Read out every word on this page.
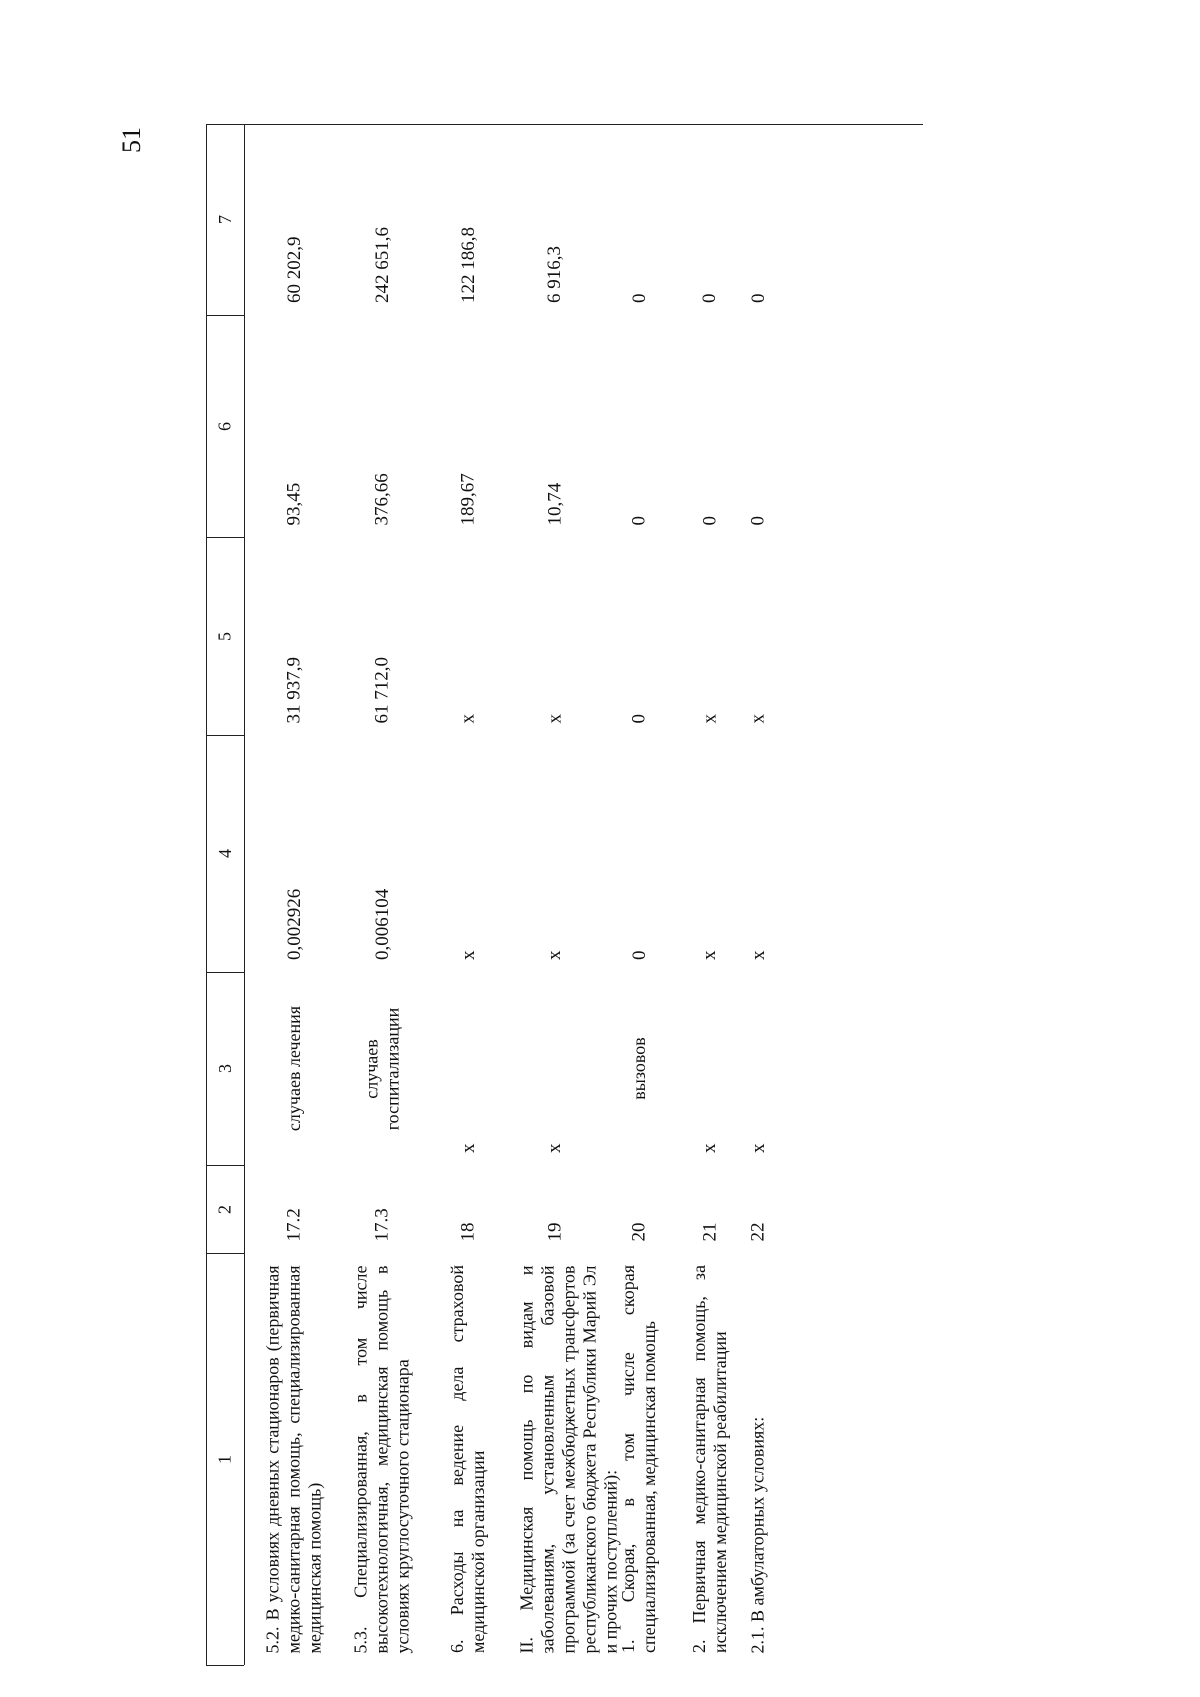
51
1
2
3
4
5
6
7
5.2. В условиях дневных стационаров (первичная медико-санитарная помощь, специализированная медицинская помощь)
17.2
случаев лечения
0,002926
31 937,9
93,45
60 202,9
5.3. Специализированная, в том числе высокотехнологичная, медицинская помощь в условиях круглосуточного стационара
17.3
случаев госпитализации
0,006104
61 712,0
376,66
242 651,6
6. Расходы на ведение дела страховой медицинской организации
18
х
х
х
189,67
122 186,8
II. Медицинская помощь по видам и заболеваниям, установленным базовой программой (за счет межбюджетных трансфертов республиканского бюджета Республики Марий Эл и прочих поступлений):
19
х
х
х
10,74
6 916,3
1. Скорая, в том числе скорая специализированная, медицинская помощь
20
вызовов
0
0
0
0
2. Первичная медико-санитарная помощь, за исключением медицинской реабилитации
21
х
х
х
0
0
2.1. В амбулаторных условиях:
22
х
х
х
0
0
